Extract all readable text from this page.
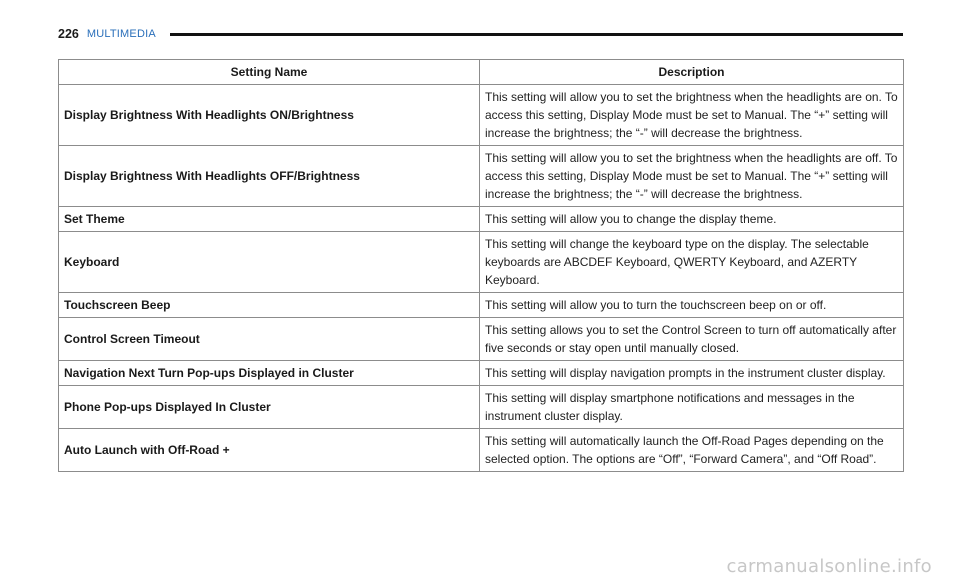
226 MULTIMEDIA
Setting Name	Description
Display Brightness With Headlights ON/Brightness	This setting will allow you to set the brightness when the headlights are on. To access this setting, Display Mode must be set to Manual. The “+” setting will increase the brightness; the “-” will decrease the brightness.
Display Brightness With Headlights OFF/Brightness	This setting will allow you to set the brightness when the headlights are off. To access this setting, Display Mode must be set to Manual. The “+” setting will increase the brightness; the “-” will decrease the brightness.
Set Theme	This setting will allow you to change the display theme.
Keyboard	This setting will change the keyboard type on the display. The selectable keyboards are ABCDEF Keyboard, QWERTY Keyboard, and AZERTY Keyboard.
Touchscreen Beep	This setting will allow you to turn the touchscreen beep on or off.
Control Screen Timeout	This setting allows you to set the Control Screen to turn off automatically after five seconds or stay open until manually closed.
Navigation Next Turn Pop-ups Displayed in Cluster	This setting will display navigation prompts in the instrument cluster display.
Phone Pop-ups Displayed In Cluster	This setting will display smartphone notifications and messages in the instrument cluster display.
Auto Launch with Off-Road +	This setting will automatically launch the Off-Road Pages depending on the selected option. The options are “Off”, “Forward Camera”, and “Off Road”.
carmanualsonline.info
